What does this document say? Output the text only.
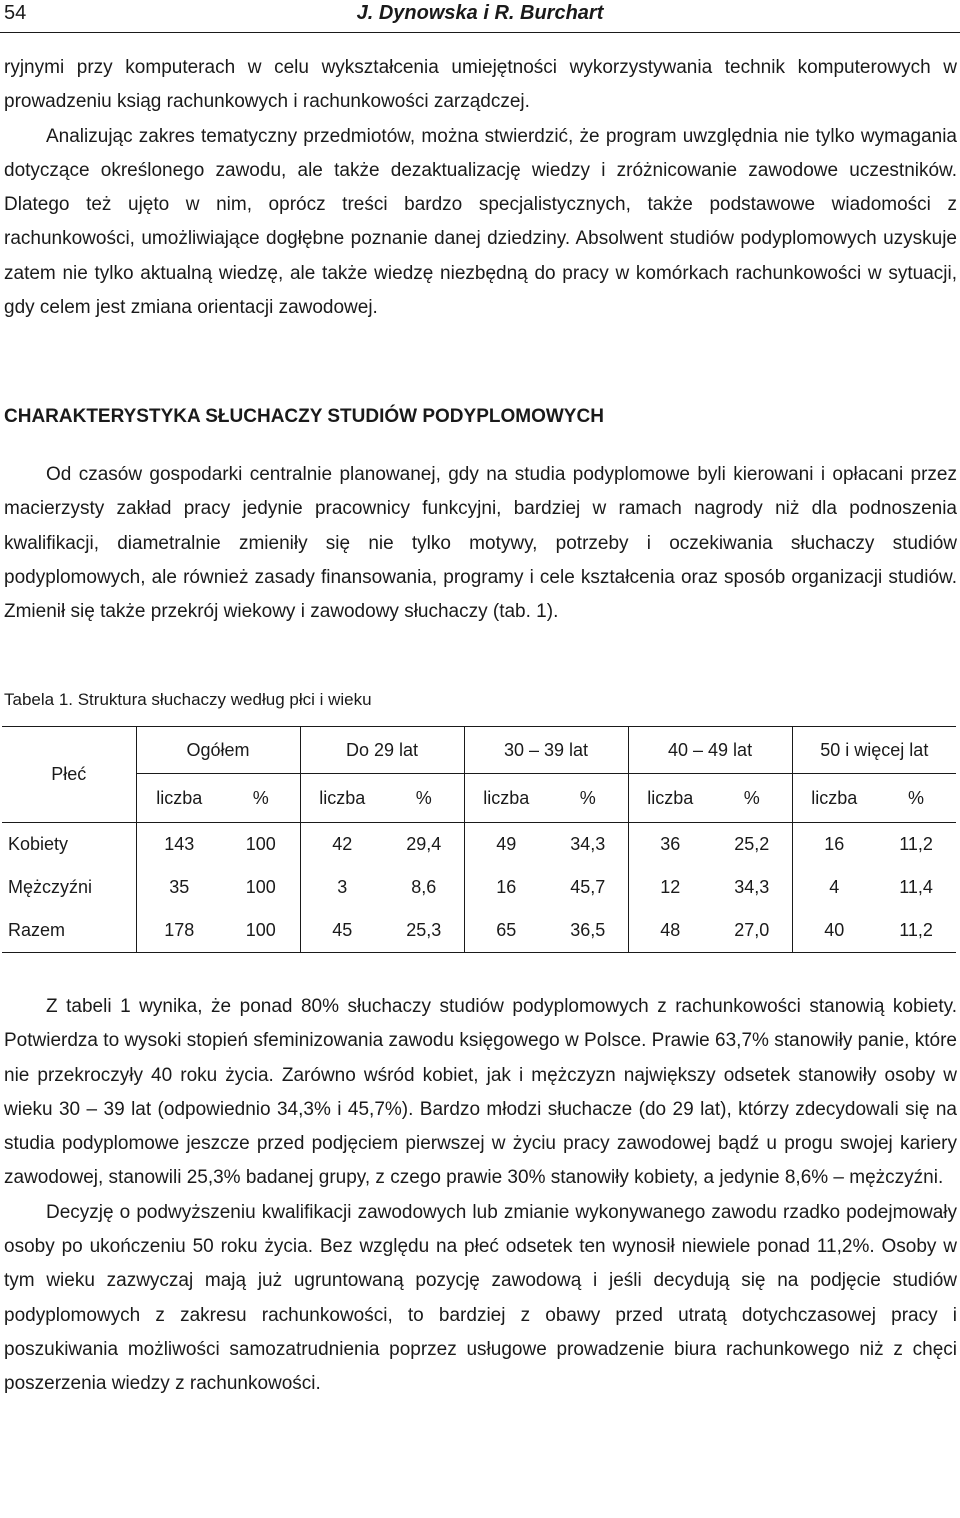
54	J. Dynowska i R. Burchart

ryjnymi przy komputerach w celu wykształcenia umiejętności wykorzystywania technik komputerowych w prowadzeniu ksiąg rachunkowych i rachunkowości zarządczej.

Analizując zakres tematyczny przedmiotów, można stwierdzić, że program uwzględnia nie tylko wymagania dotyczące określonego zawodu, ale także dezaktualizację wiedzy i zróżnicowanie zawodowe uczestników. Dlatego też ujęto w nim, oprócz treści bardzo specjalistycznych, także podstawowe wiadomości z rachunkowości, umożliwiające dogłębne poznanie danej dziedziny. Absolwent studiów podyplomowych uzyskuje zatem nie tylko aktualną wiedzę, ale także wiedzę niezbędną do pracy w komórkach rachunkowości w sytuacji, gdy celem jest zmiana orientacji zawodowej.

CHARAKTERYSTYKA SŁUCHACZY STUDIÓW PODYPLOMOWYCH

Od czasów gospodarki centralnie planowanej, gdy na studia podyplomowe byli kierowani i opłacani przez macierzysty zakład pracy jedynie pracownicy funkcyjni, bardziej w ramach nagrody niż dla podnoszenia kwalifikacji, diametralnie zmieniły się nie tylko motywy, potrzeby i oczekiwania słuchaczy studiów podyplomowych, ale również zasady finansowania, programy i cele kształcenia oraz sposób organizacji studiów. Zmienił się także przekrój wiekowy i zawodowy słuchaczy (tab. 1).

Tabela 1. Struktura słuchaczy według płci i wieku
Płeć	Ogółem		Do 29 lat		30 – 39 lat		40 – 49 lat		50 i więcej lat	
	liczba	%	liczba	%	liczba	%	liczba	%	liczba	%
Kobiety	143	100	42	29,4	49	34,3	36	25,2	16	11,2
Mężczyźni	35	100	3	8,6	16	45,7	12	34,3	4	11,4
Razem	178	100	45	25,3	65	36,5	48	27,0	40	11,2

Z tabeli 1 wynika, że ponad 80% słuchaczy studiów podyplomowych z rachunkowości stanowią kobiety. Potwierdza to wysoki stopień sfeminizowania zawodu księgowego w Polsce. Prawie 63,7% stanowiły panie, które nie przekroczyły 40 roku życia. Zarówno wśród kobiet, jak i mężczyzn największy odsetek stanowiły osoby w wieku 30 – 39 lat (odpowiednio 34,3% i 45,7%). Bardzo młodzi słuchacze (do 29 lat), którzy zdecydowali się na studia podyplomowe jeszcze przed podjęciem pierwszej w życiu pracy zawodowej bądź u progu swojej kariery zawodowej, stanowili 25,3% badanej grupy, z czego prawie 30% stanowiły kobiety, a jedynie 8,6% – mężczyźni.

Decyzję o podwyższeniu kwalifikacji zawodowych lub zmianie wykonywanego zawodu rzadko podejmowały osoby po ukończeniu 50 roku życia. Bez względu na płeć odsetek ten wynosił niewiele ponad 11,2%. Osoby w tym wieku zazwyczaj mają już ugruntowaną pozycję zawodową i jeśli decydują się na podjęcie studiów podyplomowych z zakresu rachunkowości, to bardziej z obawy przed utratą dotychczasowej pracy i poszukiwania możliwości samozatrudnienia poprzez usługowe prowadzenie biura rachunkowego niż z chęci poszerzenia wiedzy z rachunkowości.
